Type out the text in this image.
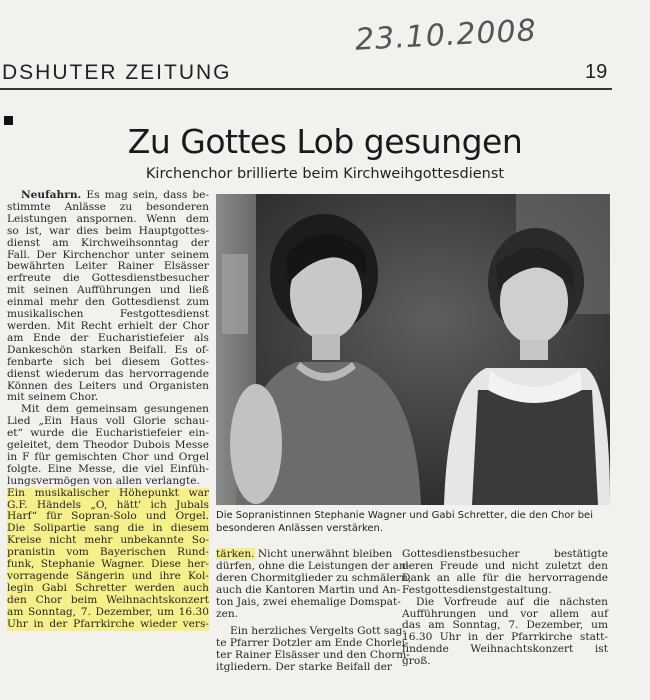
23.10.2008
DSHUTER ZEITUNG	19
Zu Gottes Lob gesungen
Kirchenchor brillierte beim Kirchweihgottesdienst
Neufahrn. Es mag sein, dass be-
stimmte Anlässe zu besonderen
Leistungen anspornen. Wenn dem
so ist, war dies beim Hauptgottes-
dienst am Kirchweihsonntag der
Fall. Der Kirchenchor unter seinem
bewährten Leiter Rainer Elsässer
erfreute die Gottesdienstbesucher
mit seinen Aufführungen und ließ
einmal mehr den Gottesdienst zum
musikalischen Festgottesdienst
werden. Mit Recht erhielt der Chor
am Ende der Eucharistiefeier als
Dankeschön starken Beifall. Es of-
fenbarte sich bei diesem Gottes-
dienst wiederum das hervorragende
Können des Leiters und Organisten
mit seinem Chor.
Mit dem gemeinsam gesungenen
Lied „Ein Haus voll Glorie schau-
et“ wurde die Eucharistiefeier ein-
geleitet, dem Theodor Dubois Messe
in F für gemischten Chor und Orgel
folgte. Eine Messe, die viel Einfüh-
lungsvermögen von allen verlangte.
Ein musikalischer Höhepunkt war
G.F. Händels „O, hätt' ich Jubals
Harf“ für Sopran-Solo und Orgel.
Die Solipartie sang die in diesem
Kreise nicht mehr unbekannte So-
pranistin vom Bayerischen Rund-
funk, Stephanie Wagner. Diese her-
vorragende Sängerin und ihre Kol-
legin Gabi Schretter werden auch
den Chor beim Weihnachtskonzert
am Sonntag, 7. Dezember, um 16.30
Uhr in der Pfarrkirche wieder vers-
Die Sopranistinnen Stephanie Wagner und Gabi Schretter, die den Chor bei
besonderen Anlässen verstärken.
tärken. Nicht unerwähnt bleiben
dürfen, ohne die Leistungen der an-
deren Chormitglieder zu schmälern,
auch die Kantoren Martin und An-
ton Jais, zwei ehemalige Domspat-
zen.
Ein herzliches Vergelts Gott sag-
te Pfarrer Dotzler am Ende Chorlei-
ter Rainer Elsässer und den Chorm-
itgliedern. Der starke Beifall der
Gottesdienstbesucher bestätigte
deren Freude und nicht zuletzt den
Dank an alle für die hervorragende
Festgottesdienstgestaltung.
Die Vorfreude auf die nächsten
Aufführungen und vor allem auf
das am Sonntag, 7. Dezember, um
16.30 Uhr in der Pfarrkirche statt-
findende Weihnachtskonzert ist
groß.
